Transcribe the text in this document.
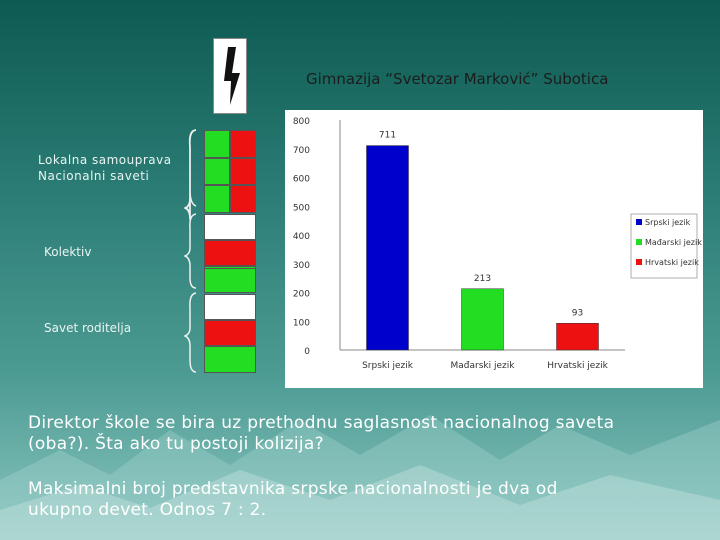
Gimnazija “Svetozar Marković” Subotica
Lokalna samouprava
Nacionalni saveti
Kolektiv
Savet roditelja
0
100
200
300
400
500
600
700
800
711
Srpski jezik
213
Mađarski jezik
93
Hrvatski jezik
Srpski jezik
Mađarski jezik
Hrvatski jezik
Direktor škole se bira uz prethodnu saglasnost nacionalnog saveta
(oba?). Šta ako tu postoji kolizija?
Maksimalni broj predstavnika srpske nacionalnosti je dva od
ukupno devet. Odnos 7 : 2.
